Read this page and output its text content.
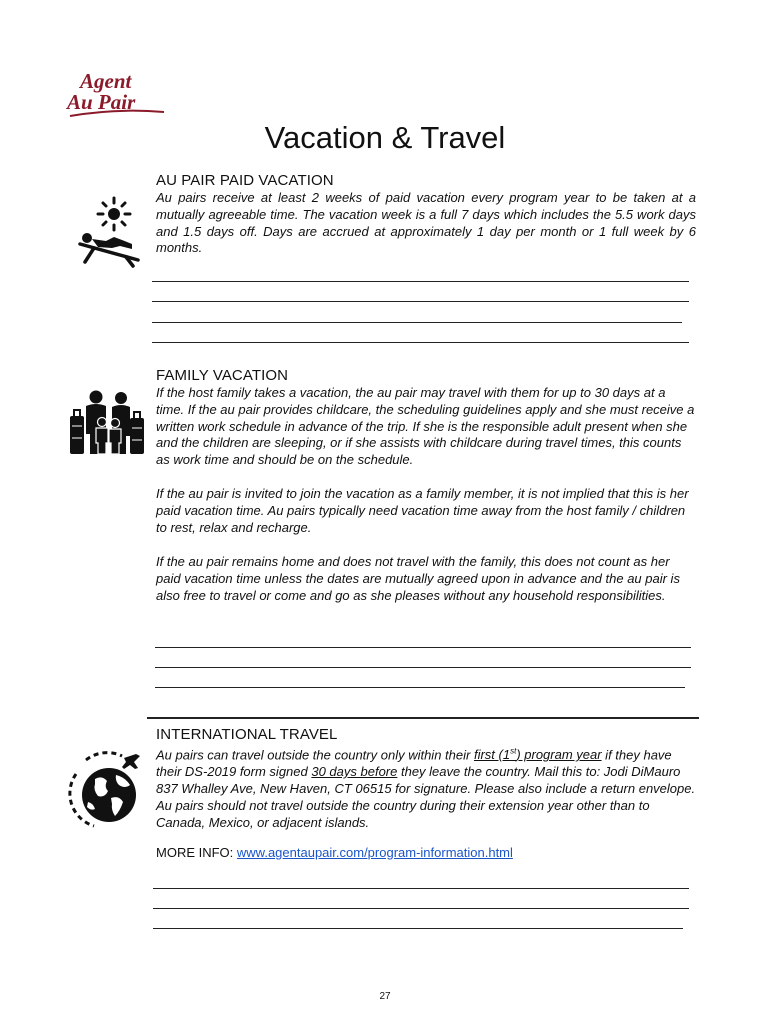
Agent
Au Pair
Vacation & Travel
AU PAIR PAID VACATION

Au pairs receive at least 2 weeks of paid vacation every program year to be taken at a mutually agreeable time. The vacation week is a full 7 days which includes the 5.5 work days and 1.5 days off. Days are accrued at approximately 1 day per month or 1 full week by 6 months.

FAMILY VACATION

If the host family takes a vacation, the au pair may travel with them for up to 30 days at a time. If the au pair provides childcare, the scheduling guidelines apply and she must receive a written work schedule in advance of the trip. If she is the responsible adult present when she and the children are sleeping, or if she assists with childcare during travel times, this counts as work time and should be on the schedule.

If the au pair is invited to join the vacation as a family member, it is not implied that this is her paid vacation time. Au pairs typically need vacation time away from the host family / children to rest, relax and recharge.

If the au pair remains home and does not travel with the family, this does not count as her paid vacation time unless the dates are mutually agreed upon in advance and the au pair is also free to travel or come and go as she pleases without any household responsibilities.

INTERNATIONAL TRAVEL

Au pairs can travel outside the country only within their first (1st) program year if they have their DS-2019 form signed 30 days before they leave the country. Mail this to: Jodi DiMauro 837 Whalley Ave, New Haven, CT 06515 for signature. Please also include a return envelope. Au pairs should not travel outside the country during their extension year other than to Canada, Mexico, or adjacent islands.

MORE INFO: www.agentaupair.com/program-information.html

27
